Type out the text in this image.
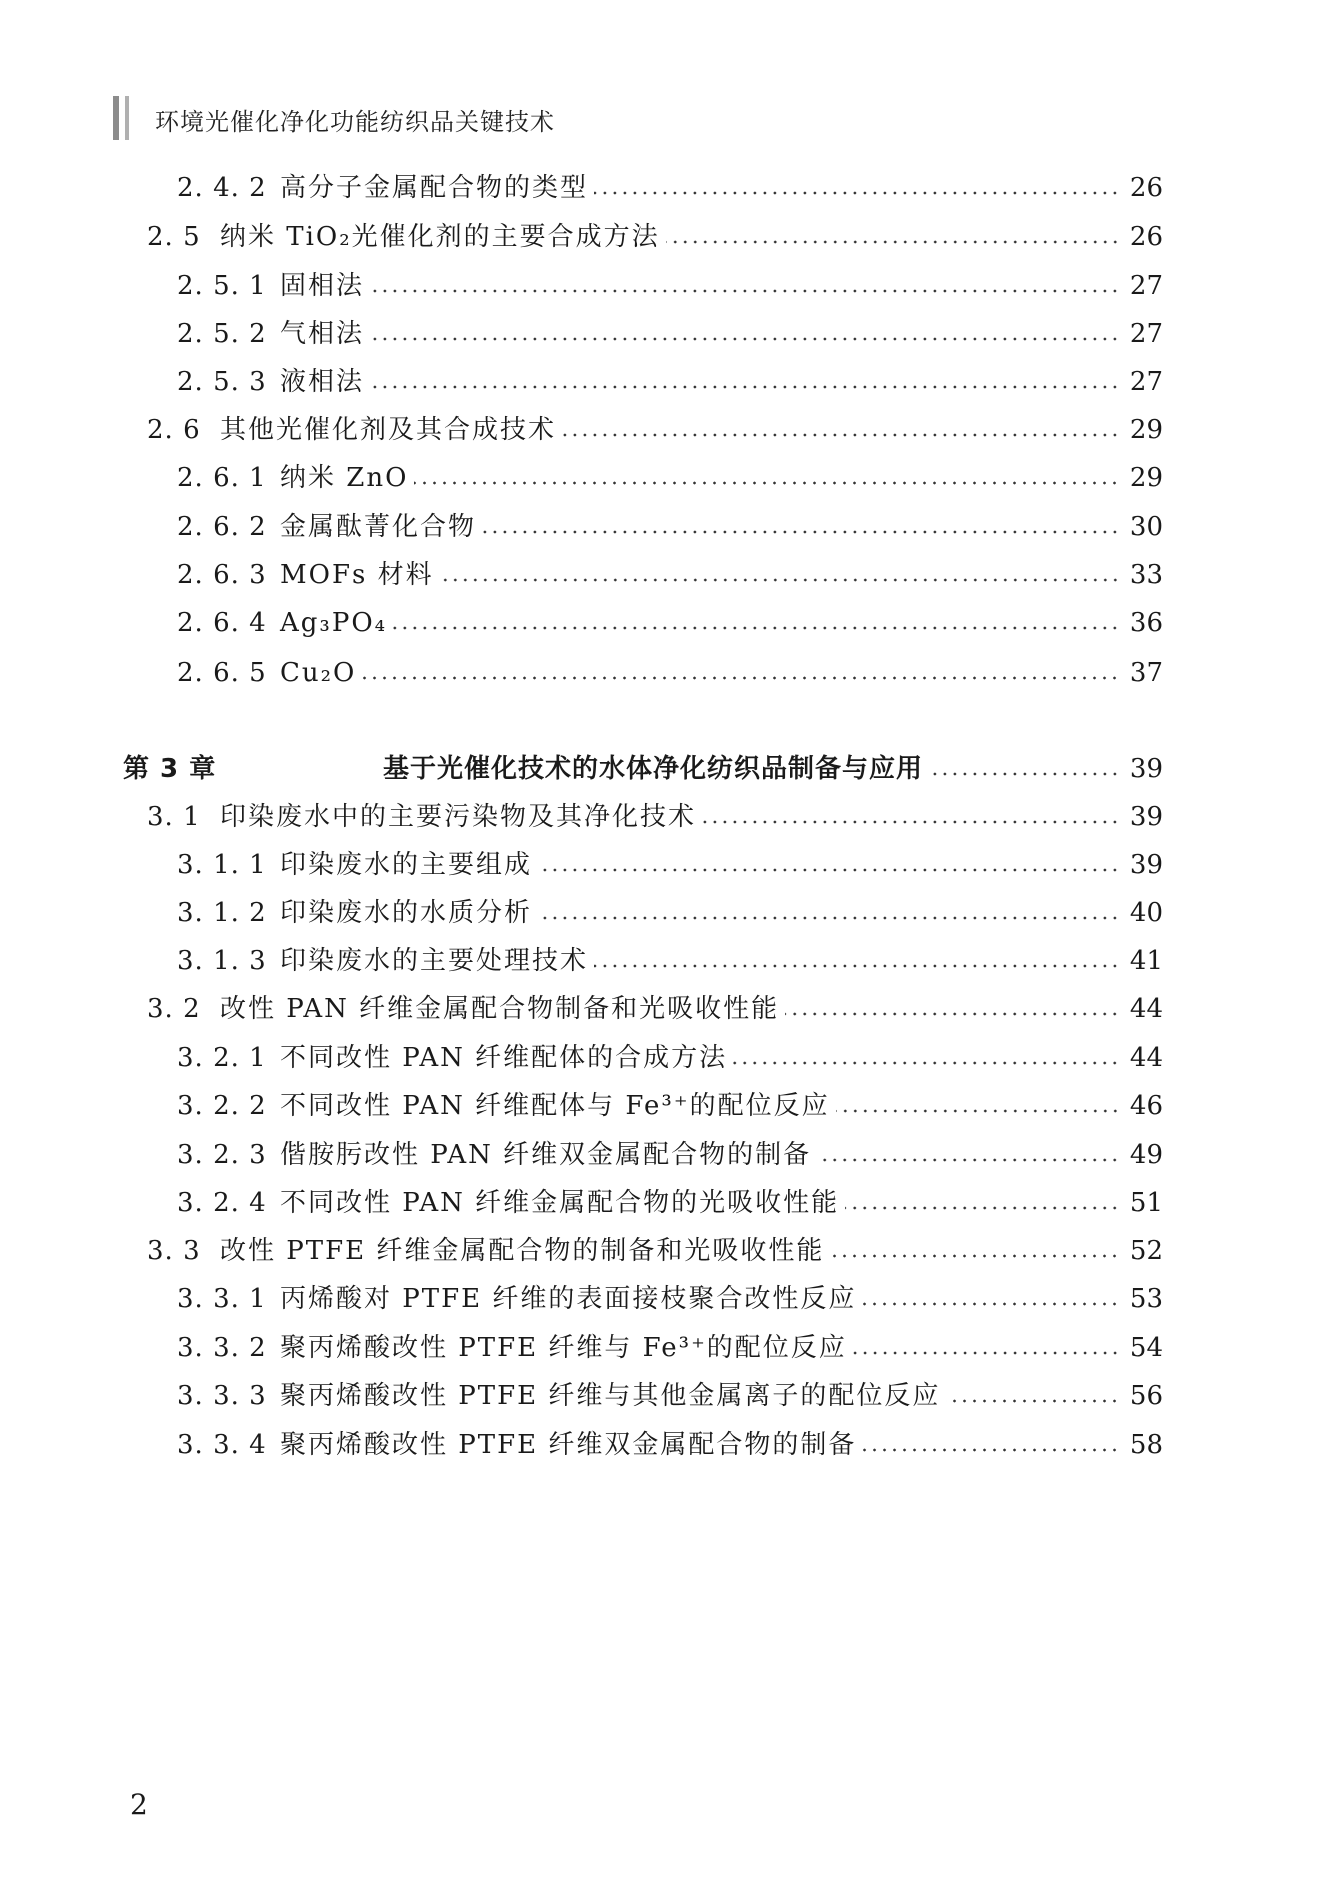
环境光催化净化功能纺织品关键技术
2. 4. 2 高分子金属配合物的类型	26
2. 5 纳米 TiO₂光催化剂的主要合成方法	26
2. 5. 1 固相法	27
2. 5. 2 气相法	27
2. 5. 3 液相法	27
2. 6 其他光催化剂及其合成技术	29
2. 6. 1 纳米 ZnO	29
2. 6. 2 金属酞菁化合物	30
2. 6. 3 MOFs 材料	33
2. 6. 4 Ag₃PO₄	36
2. 6. 5 Cu₂O	37
第 3 章	基于光催化技术的水体净化纺织品制备与应用	39
3. 1 印染废水中的主要污染物及其净化技术	39
3. 1. 1 印染废水的主要组成	39
3. 1. 2 印染废水的水质分析	40
3. 1. 3 印染废水的主要处理技术	41
3. 2 改性 PAN 纤维金属配合物制备和光吸收性能	44
3. 2. 1 不同改性 PAN 纤维配体的合成方法	44
3. 2. 2 不同改性 PAN 纤维配体与 Fe³⁺的配位反应	46
3. 2. 3 偕胺肟改性 PAN 纤维双金属配合物的制备	49
3. 2. 4 不同改性 PAN 纤维金属配合物的光吸收性能	51
3. 3 改性 PTFE 纤维金属配合物的制备和光吸收性能	52
3. 3. 1 丙烯酸对 PTFE 纤维的表面接枝聚合改性反应	53
3. 3. 2 聚丙烯酸改性 PTFE 纤维与 Fe³⁺的配位反应	54
3. 3. 3 聚丙烯酸改性 PTFE 纤维与其他金属离子的配位反应	56
3. 3. 4 聚丙烯酸改性 PTFE 纤维双金属配合物的制备	58
2
